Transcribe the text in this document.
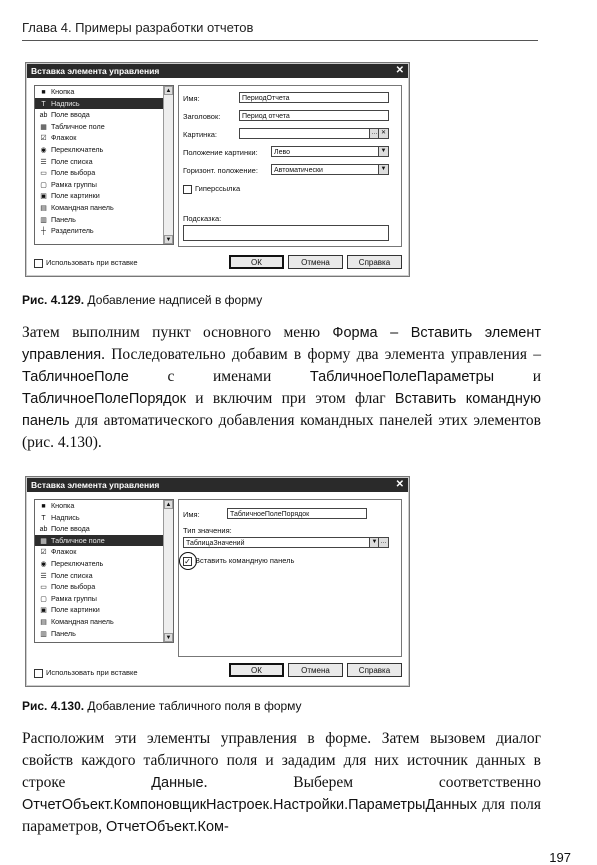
Глава 4. Примеры разработки отчетов
Вставка элемента управления	✕
■ Кнопка
T Надпись
ab Поле ввода
▦ Табличное поле
☑ Флажок
◉ Переключатель
☰ Поле списка
▭ Поле выбора
▢ Рамка группы
▣ Поле картинки
▤ Командная панель
▥ Панель
┼ Разделитель
▲
▼
Использовать при вставке
Имя:	ПериодОтчета
Заголовок:	Период отчета
Картинка:	… ✕
Положение картинки:	Лево	▼
Горизонт. положение:	Автоматически	▼
Гиперссылка
Подсказка:
ОК	Отмена	Справка
Рис. 4.129. Добавление надписей в форму
Затем выполним пункт основного меню Форма – Вставить элемент управления. Последовательно добавим в форму два элемента управления – ТабличноеПоле с именами ТабличноеПолеПараметры и ТабличноеПолеПорядок и включим при этом флаг Вставить командную панель для автоматического добавления командных панелей этих элементов (рис. 4.130).
Вставка элемента управления	✕
■ Кнопка
T Надпись
ab Поле ввода
▦ Табличное поле
☑ Флажок
◉ Переключатель
☰ Поле списка
▭ Поле выбора
▢ Рамка группы
▣ Поле картинки
▤ Командная панель
▥ Панель
▲
▼
Использовать при вставке
Имя:	ТабличноеПолеПорядок
Тип значения:
ТаблицаЗначений	▼ …
✓ Вставить командную панель
ОК	Отмена	Справка
Рис. 4.130. Добавление табличного поля в форму
Расположим эти элементы управления в форме. Затем вызовем диалог свойств каждого табличного поля и зададим для них источник данных в строке Данные. Выберем соответственно ОтчетОбъект.КомпоновщикНастроек.Настройки.ПараметрыДанных для поля параметров, ОтчетОбъект.Ком-
197
